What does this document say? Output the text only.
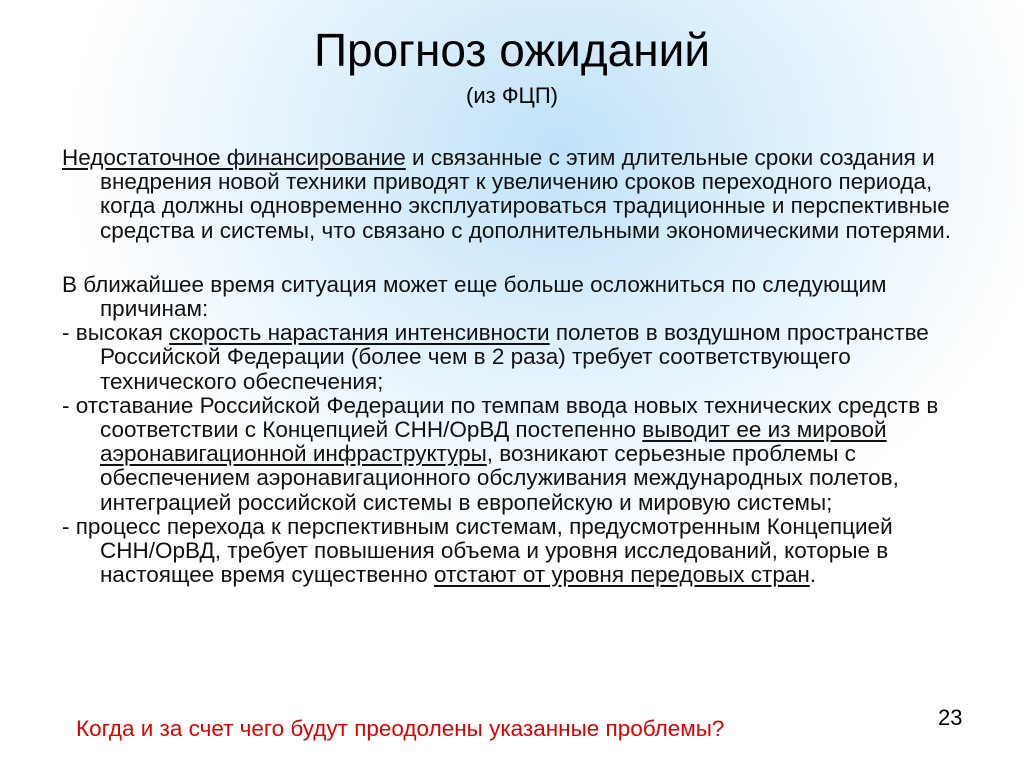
Прогноз ожиданий
(из ФЦП)

Недостаточное финансирование и связанные с этим длительные сроки создания и внедрения новой техники приводят к увеличению сроков переходного периода, когда должны одновременно эксплуатироваться традиционные и перспективные средства и системы, что связано с дополнительными экономическими потерями.

В ближайшее время ситуация может еще больше осложниться по следующим причинам:

- высокая скорость нарастания интенсивности полетов в воздушном пространстве Российской Федерации (более чем в 2 раза) требует соответствующего технического обеспечения;

- отставание Российской Федерации по темпам ввода новых технических средств в соответствии с Концепцией СНН/ОрВД постепенно выводит ее из мировой аэронавигационной инфраструктуры, возникают серьезные проблемы с обеспечением аэронавигационного обслуживания международных полетов, интеграцией российской системы в европейскую и мировую системы;

- процесс перехода к перспективным системам, предусмотренным Концепцией СНН/ОрВД, требует повышения объема и уровня исследований, которые в настоящее время существенно отстают от уровня передовых стран.

Когда и за счет чего будут преодолены указанные проблемы?	23
